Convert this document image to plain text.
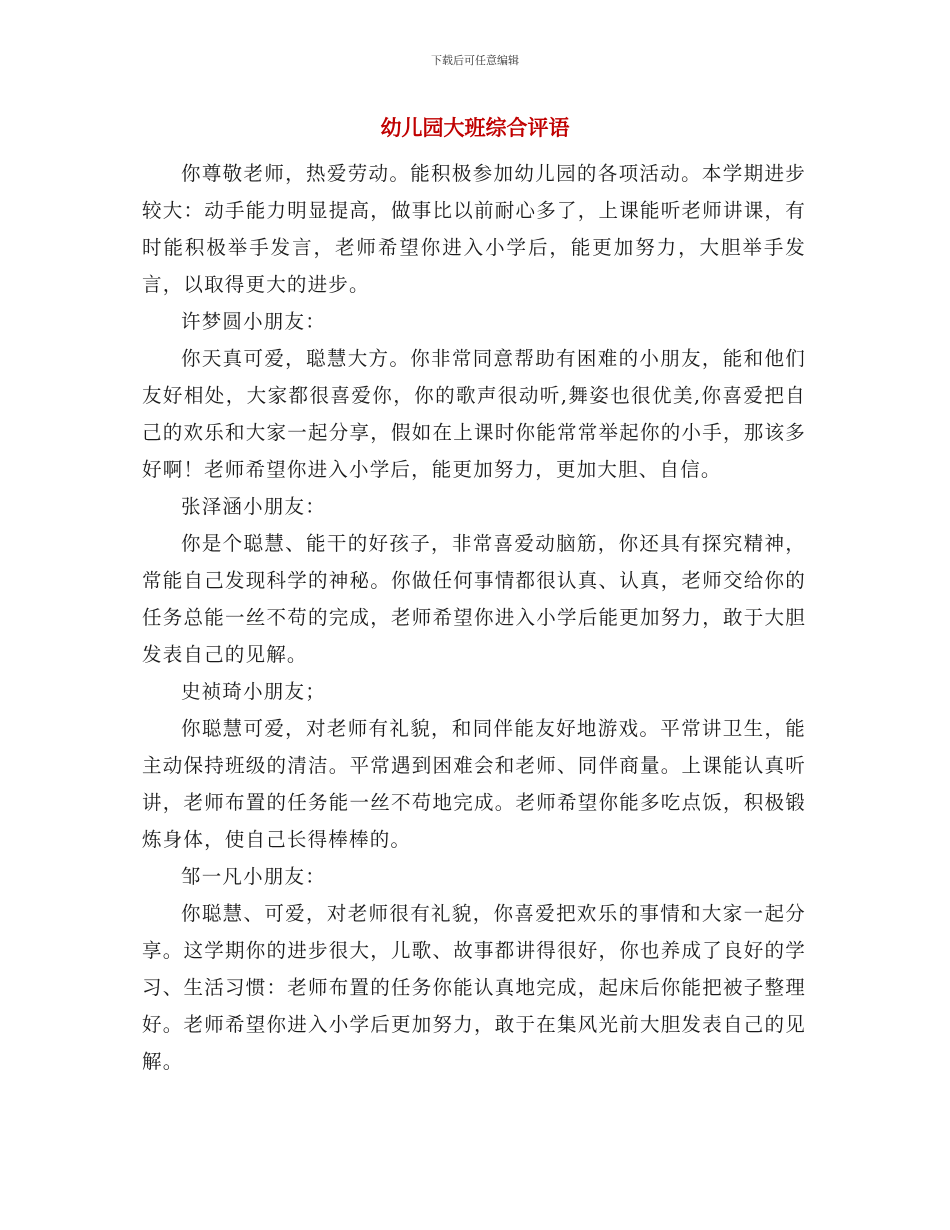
下载后可任意编辑
幼儿园大班综合评语

你尊敬老师，热爱劳动。能积极参加幼儿园的各项活动。本学期进步较大：动手能力明显提高，做事比以前耐心多了，上课能听老师讲课，有时能积极举手发言，老师希望你进入小学后，能更加努力，大胆举手发言，以取得更大的进步。

许梦圆小朋友：

你天真可爱，聪慧大方。你非常同意帮助有困难的小朋友，能和他们友好相处，大家都很喜爱你，你的歌声很动听,舞姿也很优美,你喜爱把自己的欢乐和大家一起分享，假如在上课时你能常常举起你的小手，那该多好啊！老师希望你进入小学后，能更加努力，更加大胆、自信。

张泽涵小朋友：

你是个聪慧、能干的好孩子，非常喜爱动脑筋，你还具有探究精神，常能自己发现科学的神秘。你做任何事情都很认真、认真，老师交给你的任务总能一丝不苟的完成，老师希望你进入小学后能更加努力，敢于大胆发表自己的见解。

史祯琦小朋友；

你聪慧可爱，对老师有礼貌，和同伴能友好地游戏。平常讲卫生，能主动保持班级的清洁。平常遇到困难会和老师、同伴商量。上课能认真听讲，老师布置的任务能一丝不苟地完成。老师希望你能多吃点饭，积极锻炼身体，使自己长得棒棒的。

邹一凡小朋友：

你聪慧、可爱，对老师很有礼貌，你喜爱把欢乐的事情和大家一起分享。这学期你的进步很大，儿歌、故事都讲得很好，你也养成了良好的学习、生活习惯：老师布置的任务你能认真地完成，起床后你能把被子整理好。老师希望你进入小学后更加努力，敢于在集风光前大胆发表自己的见解。
